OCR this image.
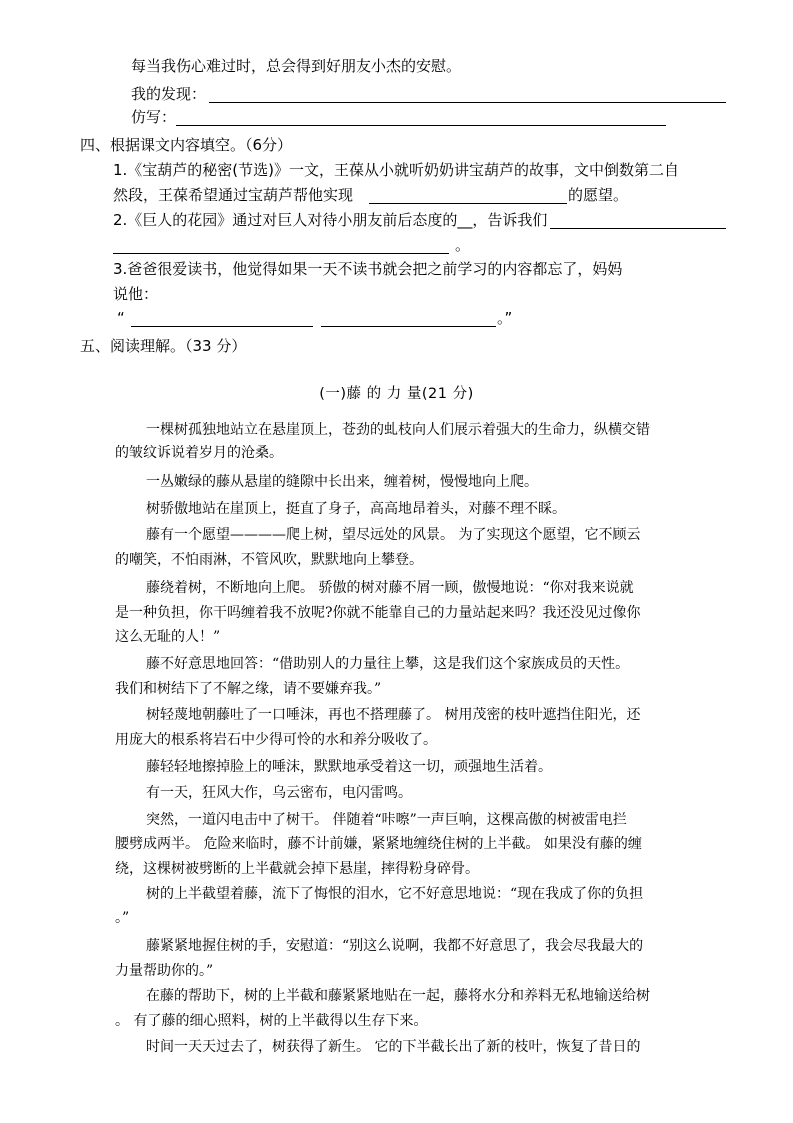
每当我伤心难过时，总会得到好朋友小杰的安慰。
我的发现：
仿写：
四、根据课文内容填空。（6分）
1.《宝葫芦的秘密(节选)》一文，王葆从小就听奶奶讲宝葫芦的故事，文中倒数第二自
然段，王葆希望通过宝葫芦帮他实现	的愿望。
2.《巨人的花园》通过对巨人对待小朋友前后态度的__，告诉我们
。
3.爸爸很爱读书，他觉得如果一天不读书就会把之前学习的内容都忘了，妈妈
说他：
“	。”
五、阅读理解。（33 分）
(一)藤 的 力 量(21 分)
一棵树孤独地站立在悬崖顶上，苍劲的虬枝向人们展示着强大的生命力，纵横交错
的皱纹诉说着岁月的沧桑。
一丛嫩绿的藤从悬崖的缝隙中长出来，缠着树，慢慢地向上爬。
树骄傲地站在崖顶上，挺直了身子，高高地昂着头，对藤不理不睬。
藤有一个愿望————爬上树，望尽远处的风景。 为了实现这个愿望，它不顾云
的嘲笑，不怕雨淋，不管风吹，默默地向上攀登。
藤绕着树，不断地向上爬。 骄傲的树对藤不屑一顾，傲慢地说：“你对我来说就
是一种负担，你干吗缠着我不放呢?你就不能靠自己的力量站起来吗？我还没见过像你
这么无耻的人！”
藤不好意思地回答：“借助别人的力量往上攀，这是我们这个家族成员的天性。
我们和树结下了不解之缘，请不要嫌弃我。”
树轻蔑地朝藤吐了一口唾沫，再也不搭理藤了。 树用茂密的枝叶遮挡住阳光，还
用庞大的根系将岩石中少得可怜的水和养分吸收了。
藤轻轻地擦掉脸上的唾沫，默默地承受着这一切，顽强地生活着。
有一天，狂风大作，乌云密布，电闪雷鸣。
突然，一道闪电击中了树干。 伴随着“咔嚓”一声巨响，这棵高傲的树被雷电拦
腰劈成两半。 危险来临时，藤不计前嫌，紧紧地缠绕住树的上半截。 如果没有藤的缠
绕，这棵树被劈断的上半截就会掉下悬崖，摔得粉身碎骨。
树的上半截望着藤，流下了悔恨的泪水，它不好意思地说：“现在我成了你的负担
。”
藤紧紧地握住树的手，安慰道：“别这么说啊，我都不好意思了，我会尽我最大的
力量帮助你的。”
在藤的帮助下，树的上半截和藤紧紧地贴在一起，藤将水分和养料无私地输送给树
。 有了藤的细心照料，树的上半截得以生存下来。
时间一天天过去了，树获得了新生。 它的下半截长出了新的枝叶，恢复了昔日的
